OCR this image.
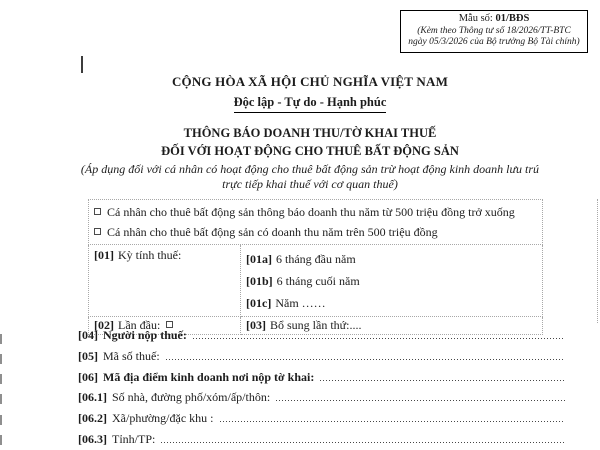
Mẫu số: 01/BĐS
(Kèm theo Thông tư số 18/2026/TT-BTC
ngày 05/3/2026 của Bộ trưởng Bộ Tài chính)
CỘNG HÒA XÃ HỘI CHỦ NGHĨA VIỆT NAM
Độc lập - Tự do - Hạnh phúc
THÔNG BÁO DOANH THU/TỜ KHAI THUẾ
ĐỐI VỚI HOẠT ĐỘNG CHO THUÊ BẤT ĐỘNG SẢN
(Áp dụng đối với cá nhân có hoạt động cho thuê bất động sản trừ hoạt động kinh doanh lưu trú trực tiếp khai thuế với cơ quan thuế)
Cá nhân cho thuê bất động sản thông báo doanh thu năm từ 500 triệu đồng trở xuống
Cá nhân cho thuê bất động sản có doanh thu năm trên 500 triệu đồng	

[01] Kỳ tính thuế:	[01a] 6 tháng đầu năm
[01b] 6 tháng cuối năm
[01c] Năm ……

[02] Lần đầu:	[03] Bổ sung lần thứ:....
[04] Người nộp thuế:
[05] Mã số thuế:
[06] Mã địa điểm kinh doanh nơi nộp tờ khai:
[06.1] Số nhà, đường phố/xóm/ấp/thôn:
[06.2] Xã/phường/đặc khu :
[06.3] Tỉnh/TP:
